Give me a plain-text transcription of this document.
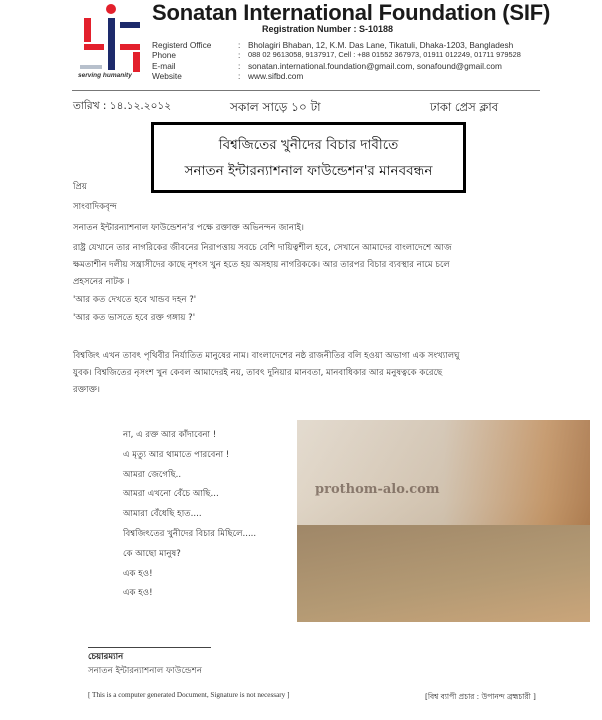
serving humanity
Sonatan International Foundation (SIF)
Registration Number : S-10188
Registerd Office	: Bholagiri Bhaban, 12, K.M. Das Lane, Tikatuli, Dhaka-1203, Bangladesh
Phone	:	088 02 9613058, 9137917, Cell : +88 01552 367973, 01911 012249, 01711 979528
E-mail	: sonatan.international.foundation@gmail.com, sonafound@gmail.com
Website	: www.sifbd.com
তারিখ : ১৪.১২.২০১২	সকাল সাড়ে ১০ টা	ঢাকা প্রেস ক্লাব
বিশ্বজিতের খুনীদের বিচার দাবীতে
সনাতন ইন্টারন্যাশনাল ফাউন্ডেশন'র মানববন্ধন
প্রিয়
সাংবাদিকবৃন্দ
সনাতন ইন্টারন্যাশনাল ফাউন্ডেশন'র পক্ষে রক্তাক্ত অভিনন্দন জানাই।
রাষ্ট্র যেখানে তার নাগরিকের জীবনের নিরাপত্তায় সবচে বেশি দায়িত্বশীল হবে, সেখানে আমাদের বাংলাদেশে আজ
ক্ষমতাশীন দলীয় সন্ত্রাসীদের কাছে নৃশংস খুন হতে হয় অসহায় নাগরিককে। আর তারপর বিচার ব্যবস্থার নামে চলে
প্রহসনের নাটক ।
'আর কত দেখতে হবে খান্ডব দহন ?'
'আর কত ভাসতে হবে রক্ত গঙ্গায় ?'
বিশ্বজিৎ এখন তাবৎ পৃথিবীর নির্যাতিত মানুষের নাম। বাংলাদেশের নষ্ঠ রাজনীতির বলি হওয়া অভাগা এক সংখ্যালঘু
যুবক। বিশ্বজিতের নৃসংশ খুন কেবল আমাদেরই নয়, তাবৎ দুনিয়ার মানবতা, মানবাধিকার আর মনুষত্বকে করেছে
রক্তাক্ত।
না, এ রক্ত আর কাঁদাবেনা !
এ মৃত্যু আর থামাতে পারবেনা !
আমরা জেগেছি..
আমরা এখনো বেঁচে আছি...
আমারা বেঁধেছি হাত....
বিশ্বজিৎতের খুনীদের বিচার মিছিলে.....
কে আছো মানুষ?
এক হও!
এক হও!
prothom-alo.com
চেয়ারম্যান
সনাতন ইন্টারন্যাশনাল ফাউন্ডেশন
[ This is a computer generated Document, Signature is not necessary ]	[বিশ্ব ব্যাপী প্রচার : উপানন্দ ব্রহ্মচারী ]
